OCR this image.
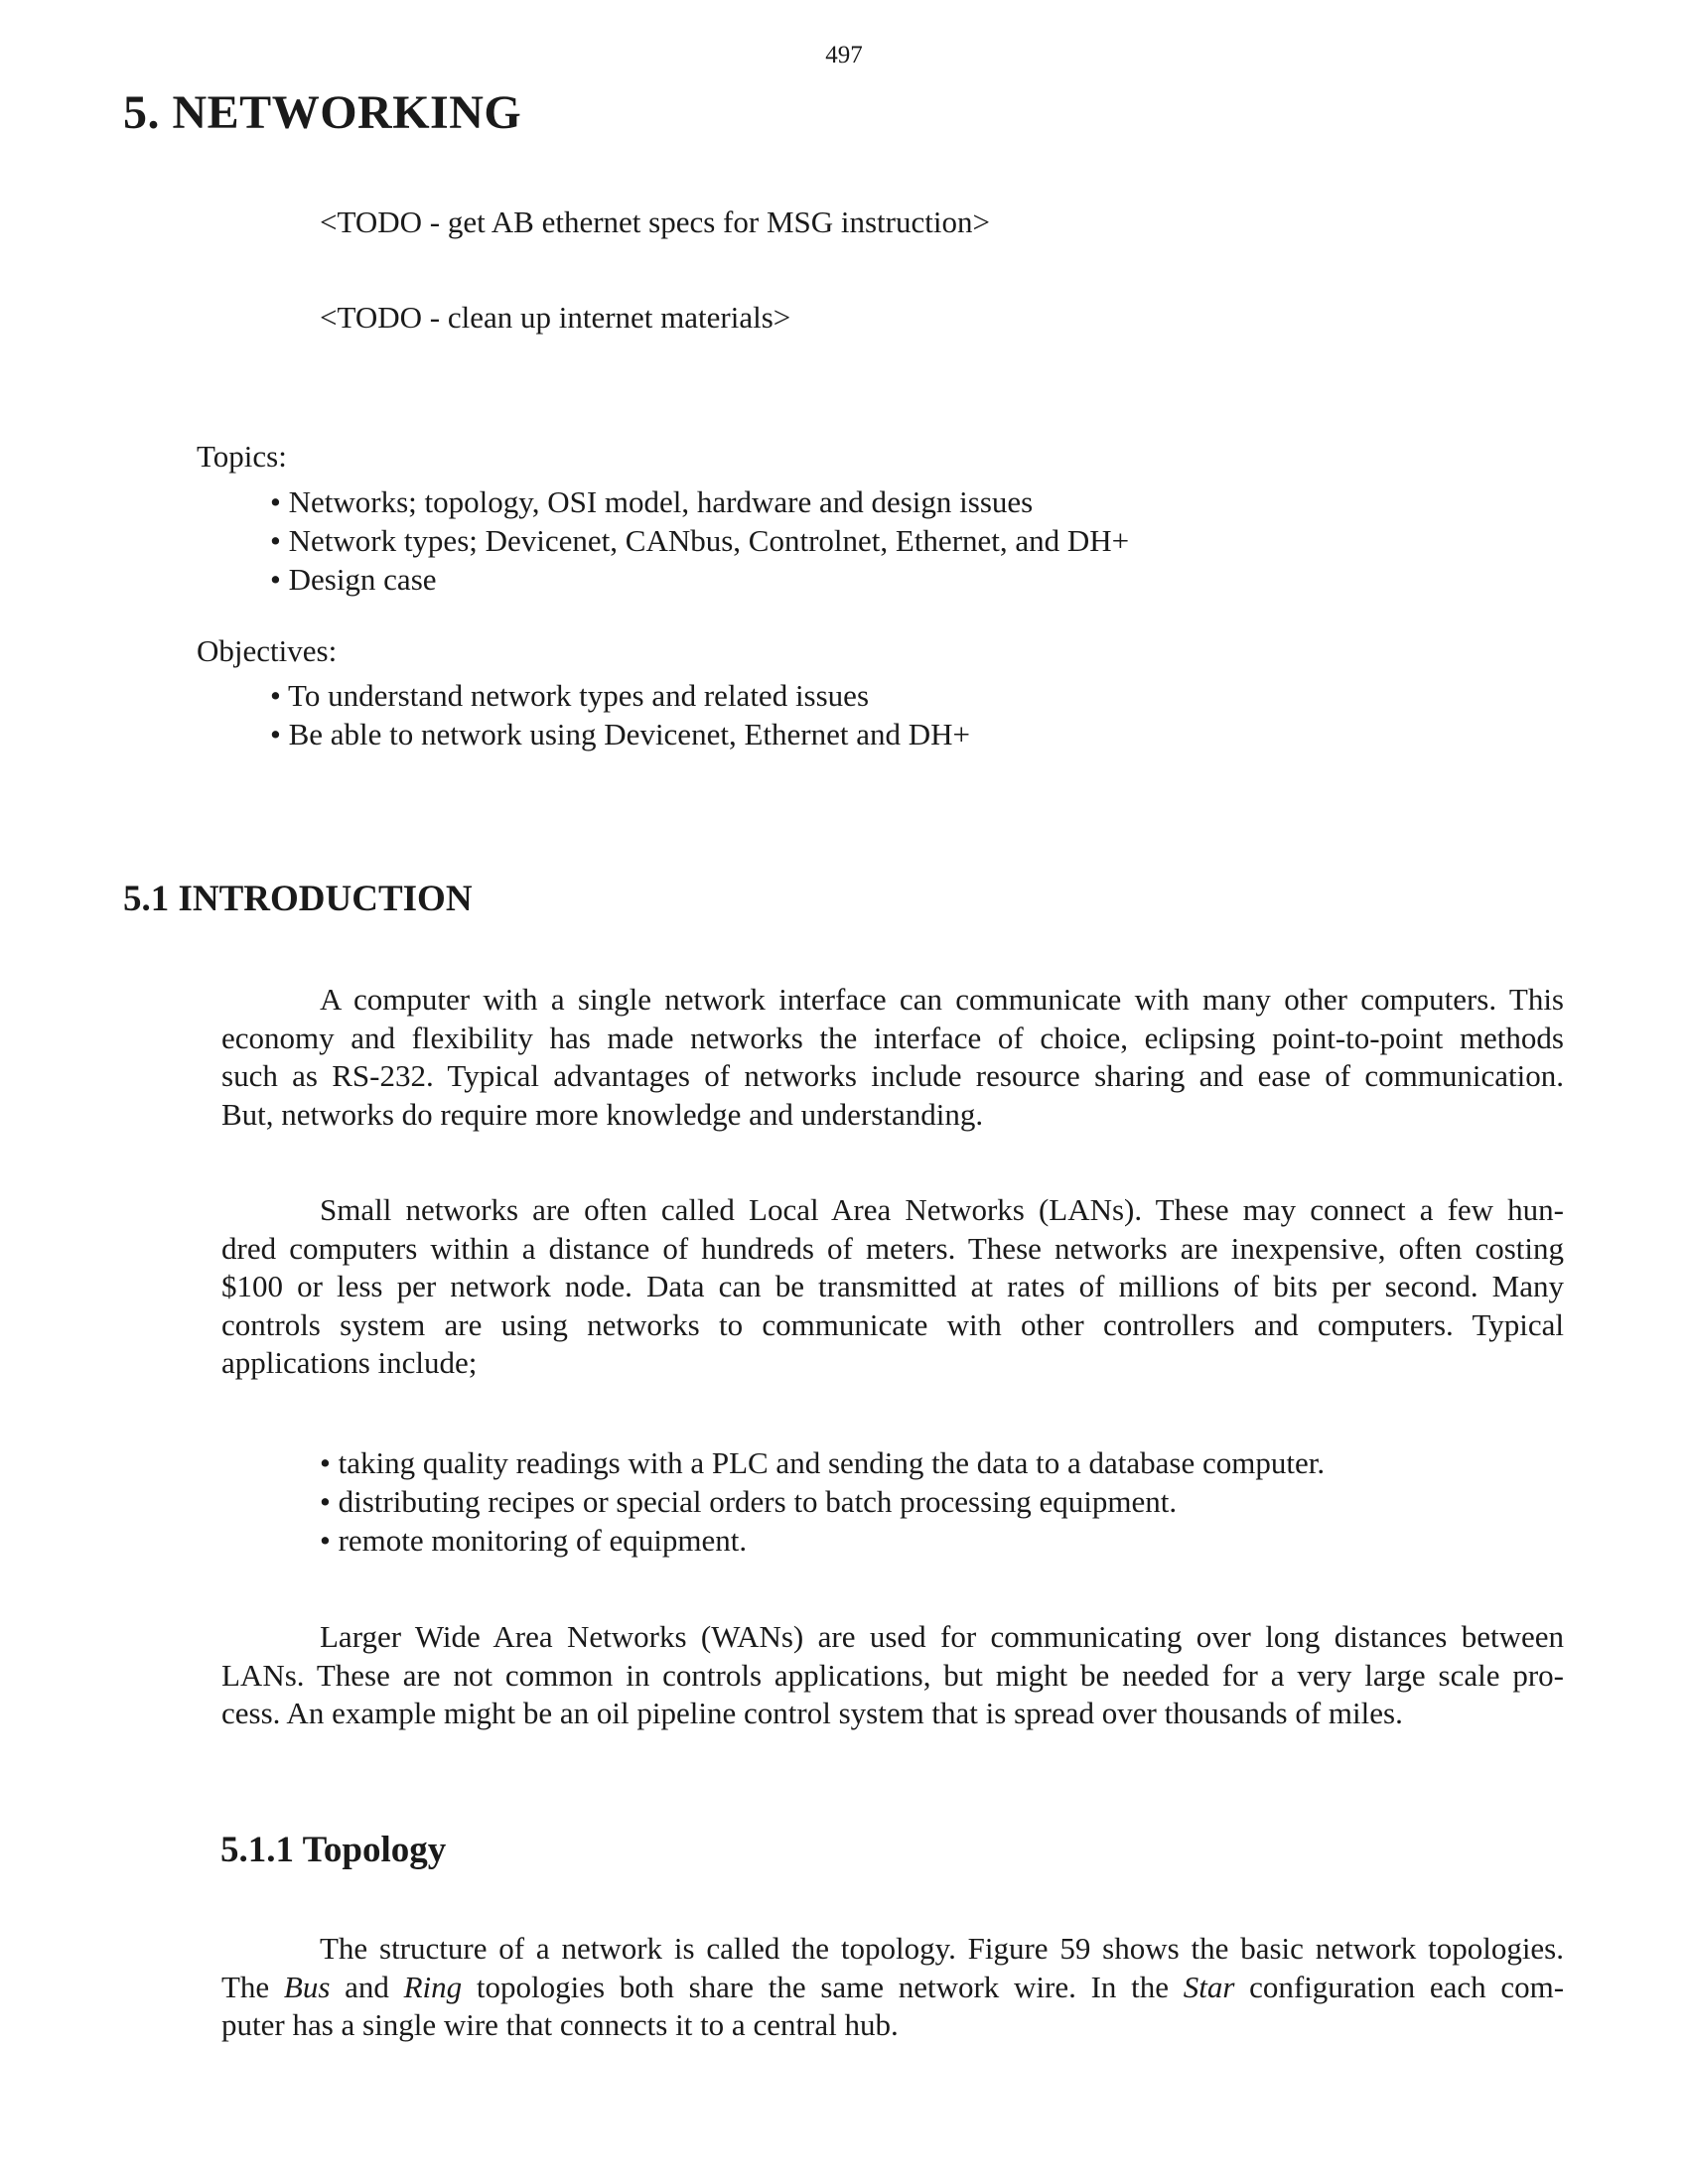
497
5. NETWORKING
<TODO - get AB ethernet specs for MSG instruction>
<TODO - clean up internet materials>
Topics:
• Networks; topology, OSI model, hardware and design issues
• Network types; Devicenet, CANbus, Controlnet, Ethernet, and DH+
• Design case
Objectives:
• To understand network types and related issues
• Be able to network using Devicenet, Ethernet and DH+
5.1 INTRODUCTION
A computer with a single network interface can communicate with many other computers. This
economy and flexibility has made networks the interface of choice, eclipsing point-to-point methods
such as RS-232. Typical advantages of networks include resource sharing and ease of communication.
But, networks do require more knowledge and understanding.
Small networks are often called Local Area Networks (LANs). These may connect a few hun-
dred computers within a distance of hundreds of meters. These networks are inexpensive, often costing
$100 or less per network node. Data can be transmitted at rates of millions of bits per second. Many
controls system are using networks to communicate with other controllers and computers. Typical
applications include;
• taking quality readings with a PLC and sending the data to a database computer.
• distributing recipes or special orders to batch processing equipment.
• remote monitoring of equipment.
Larger Wide Area Networks (WANs) are used for communicating over long distances between
LANs. These are not common in controls applications, but might be needed for a very large scale pro-
cess. An example might be an oil pipeline control system that is spread over thousands of miles.
5.1.1 Topology
The structure of a network is called the topology. Figure 59 shows the basic network topologies.
The Bus and Ring topologies both share the same network wire. In the Star configuration each com-
puter has a single wire that connects it to a central hub.
